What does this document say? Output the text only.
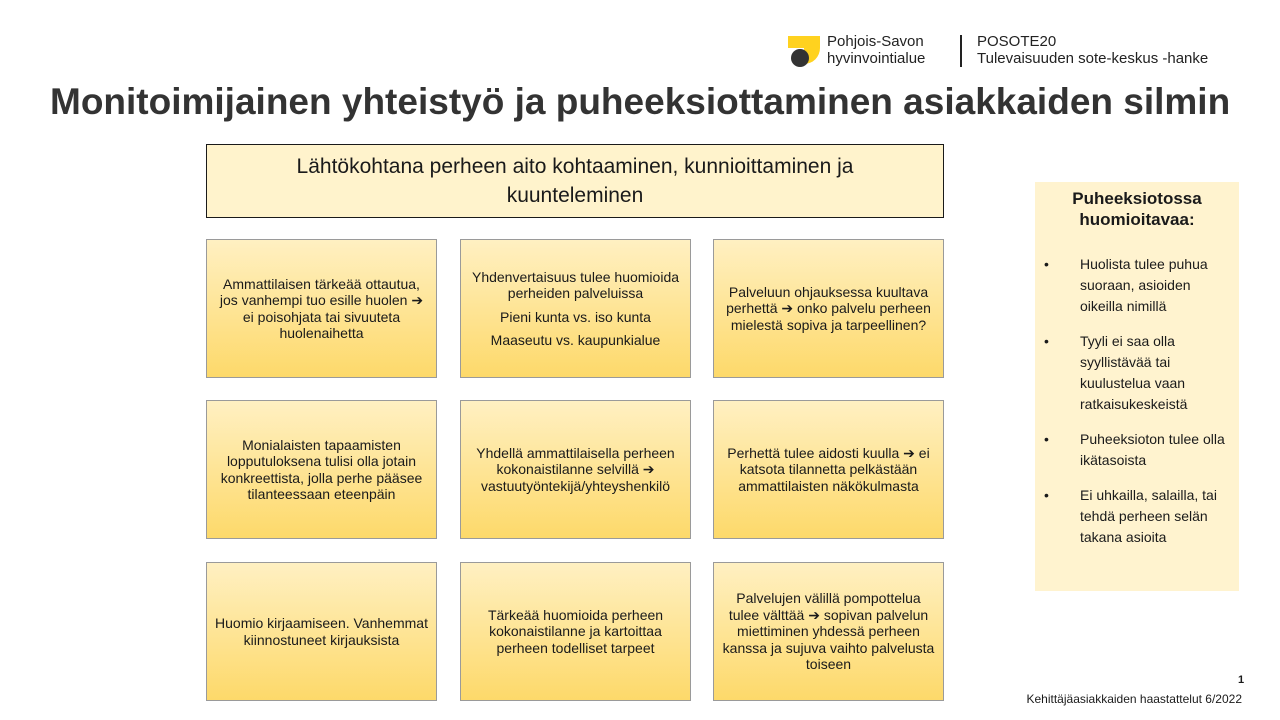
Pohjois-Savon
hyvinvointialue
POSOTE20
Tulevaisuuden sote-keskus -hanke
Monitoimijainen yhteistyö ja puheeksiottaminen asiakkaiden silmin
Lähtökohtana perheen aito kohtaaminen, kunnioittaminen ja kuunteleminen

Ammattilaisen tärkeää ottautua, jos vanhempi tuo esille huolen ➔ ei poisohjata tai sivuuteta huolenaihetta

Yhdenvertaisuus tulee huomioida perheiden palveluissa

Pieni kunta vs. iso kunta

Maaseutu vs. kaupunkialue

Palveluun ohjauksessa kuultava perhettä ➔ onko palvelu perheen mielestä sopiva ja tarpeellinen?

Monialaisten tapaamisten lopputuloksena tulisi olla jotain konkreettista, jolla perhe pääsee tilanteessaan eteenpäin

Yhdellä ammattilaisella perheen kokonaistilanne selvillä ➔ vastuutyöntekijä/yhteyshenkilö

Perhettä tulee aidosti kuulla ➔ ei katsota tilannetta pelkästään ammattilaisten näkökulmasta

Huomio kirjaamiseen. Vanhemmat kiinnostuneet kirjauksista

Tärkeää huomioida perheen kokonaistilanne ja kartoittaa perheen todelliset tarpeet

Palvelujen välillä pompottelua tulee välttää ➔ sopivan palvelun miettiminen yhdessä perheen kanssa ja sujuva vaihto palvelusta toiseen

Puheeksiotossa huomioitavaa:
• Huolista tulee puhua suoraan, asioiden oikeilla nimillä
• Tyyli ei saa olla syyllistävää tai kuulustelua vaan ratkaisukeskeistä
• Puheeksioton tulee olla ikätasoista
• Ei uhkailla, salailla, tai tehdä perheen selän takana asioita
1
Kehittäjäasiakkaiden haastattelut 6/2022
